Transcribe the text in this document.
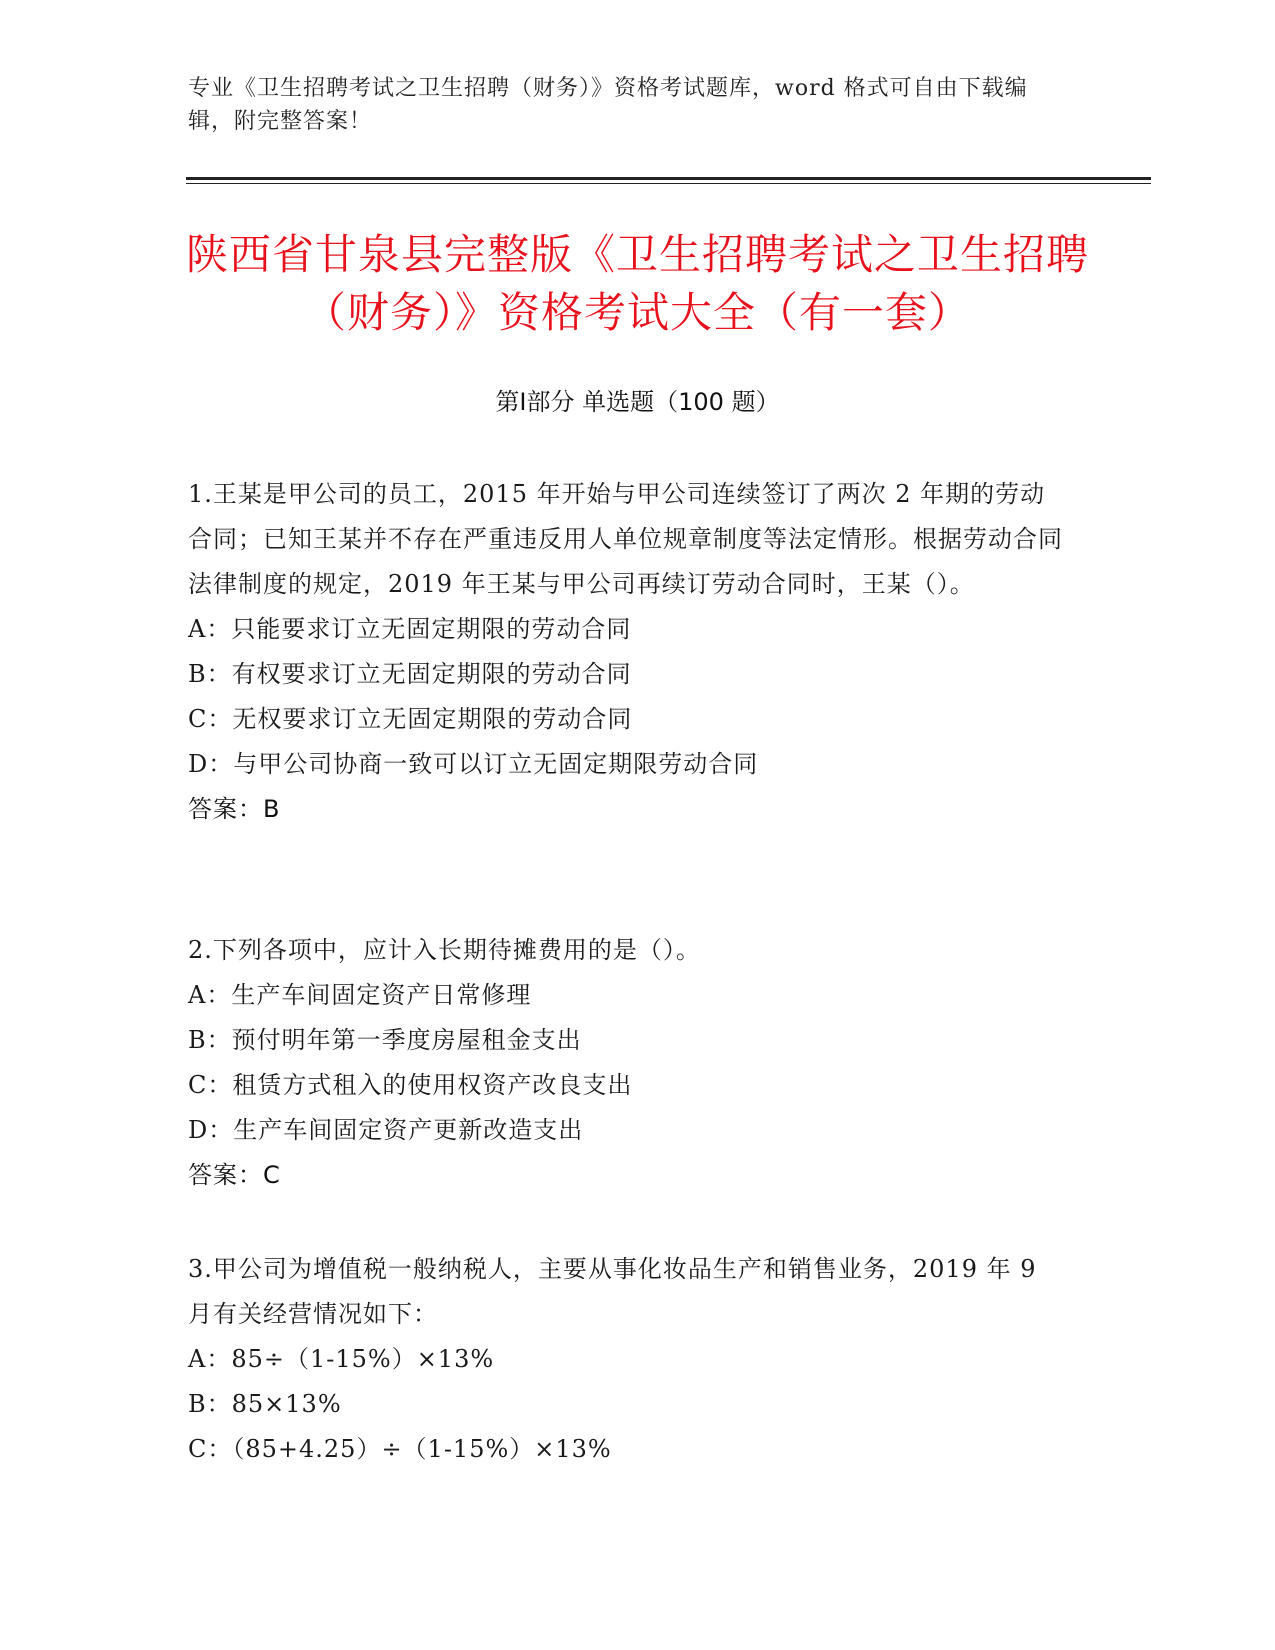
专业《卫生招聘考试之卫生招聘（财务）》资格考试题库，word 格式可自由下载编辑，附完整答案！
陕西省甘泉县完整版《卫生招聘考试之卫生招聘（财务）》资格考试大全（有一套）
第Ⅰ部分 单选题（100 题）

1.王某是甲公司的员工，2015 年开始与甲公司连续签订了两次 2 年期的劳动合同；已知王某并不存在严重违反用人单位规章制度等法定情形。根据劳动合同法律制度的规定，2019 年王某与甲公司再续订劳动合同时，王某（）。

A：只能要求订立无固定期限的劳动合同

B：有权要求订立无固定期限的劳动合同

C：无权要求订立无固定期限的劳动合同

D：与甲公司协商一致可以订立无固定期限劳动合同

答案：B

2.下列各项中，应计入长期待摊费用的是（）。

A：生产车间固定资产日常修理

B：预付明年第一季度房屋租金支出

C：租赁方式租入的使用权资产改良支出

D：生产车间固定资产更新改造支出

答案：C

3.甲公司为增值税一般纳税人，主要从事化妆品生产和销售业务，2019 年 9 月有关经营情况如下：

A：85÷（1-15%）×13%

B：85×13%

C：（85+4.25）÷（1-15%）×13%
